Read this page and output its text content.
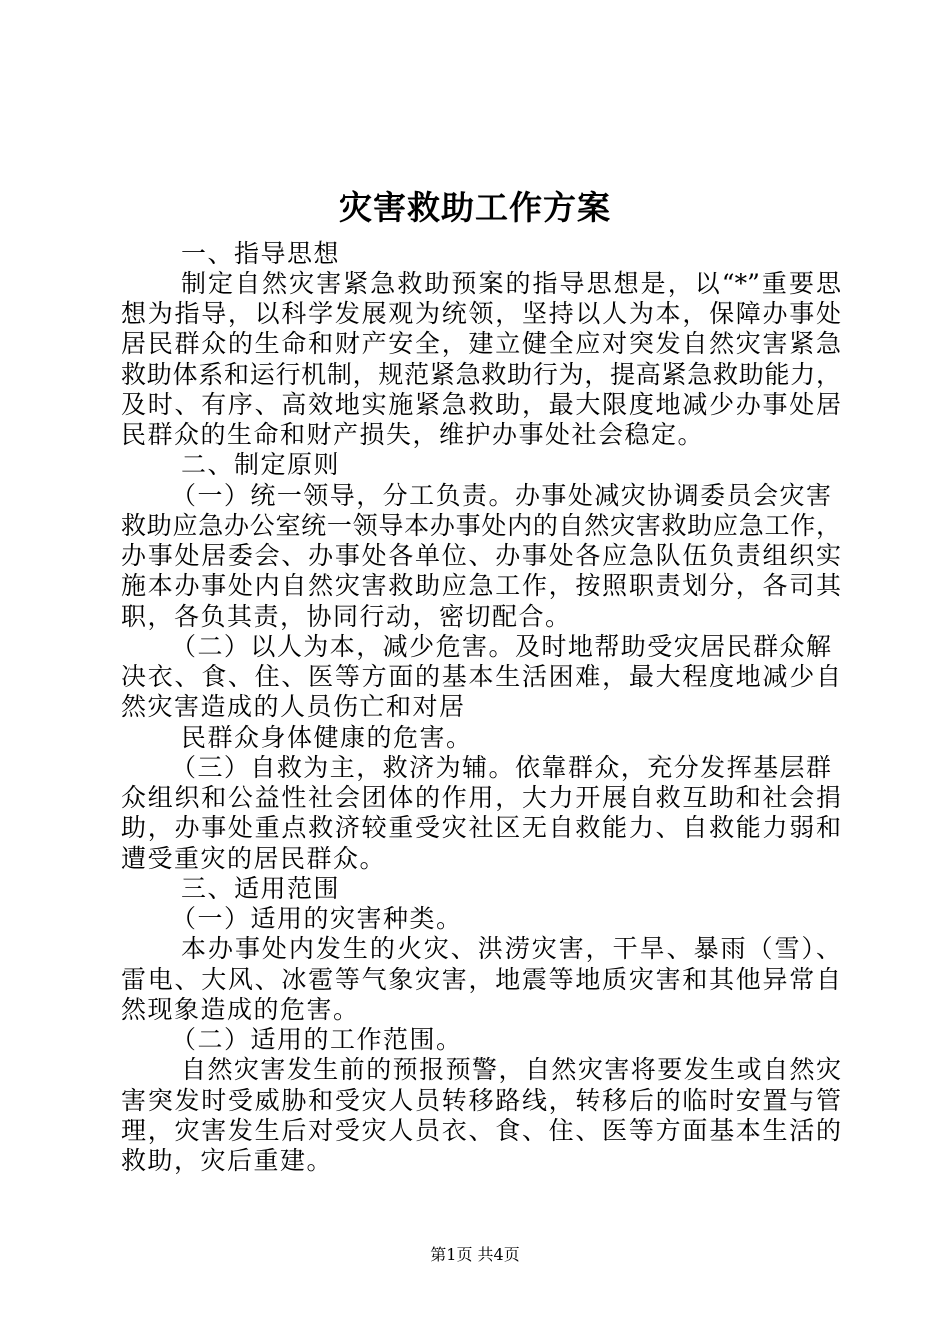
灾害救助工作方案
一、指导思想
制定自然灾害紧急救助预案的指导思想是，以“*”重要思
想为指导，以科学发展观为统领，坚持以人为本，保障办事处
居民群众的生命和财产安全，建立健全应对突发自然灾害紧急
救助体系和运行机制，规范紧急救助行为，提高紧急救助能力，
及时、有序、高效地实施紧急救助，最大限度地减少办事处居
民群众的生命和财产损失，维护办事处社会稳定。
二、制定原则
（一）统一领导，分工负责。办事处减灾协调委员会灾害
救助应急办公室统一领导本办事处内的自然灾害救助应急工作，
办事处居委会、办事处各单位、办事处各应急队伍负责组织实
施本办事处内自然灾害救助应急工作，按照职责划分，各司其
职，各负其责，协同行动，密切配合。
（二）以人为本，减少危害。及时地帮助受灾居民群众解
决衣、食、住、医等方面的基本生活困难，最大程度地减少自
然灾害造成的人员伤亡和对居
民群众身体健康的危害。
（三）自救为主，救济为辅。依靠群众，充分发挥基层群
众组织和公益性社会团体的作用，大力开展自救互助和社会捐
助，办事处重点救济较重受灾社区无自救能力、自救能力弱和
遭受重灾的居民群众。
三、适用范围
（一）适用的灾害种类。
本办事处内发生的火灾、洪涝灾害，干旱、暴雨（雪）、
雷电、大风、冰雹等气象灾害，地震等地质灾害和其他异常自
然现象造成的危害。
（二）适用的工作范围。
自然灾害发生前的预报预警，自然灾害将要发生或自然灾
害突发时受威胁和受灾人员转移路线，转移后的临时安置与管
理，灾害发生后对受灾人员衣、食、住、医等方面基本生活的
救助，灾后重建。
第1页 共4页
